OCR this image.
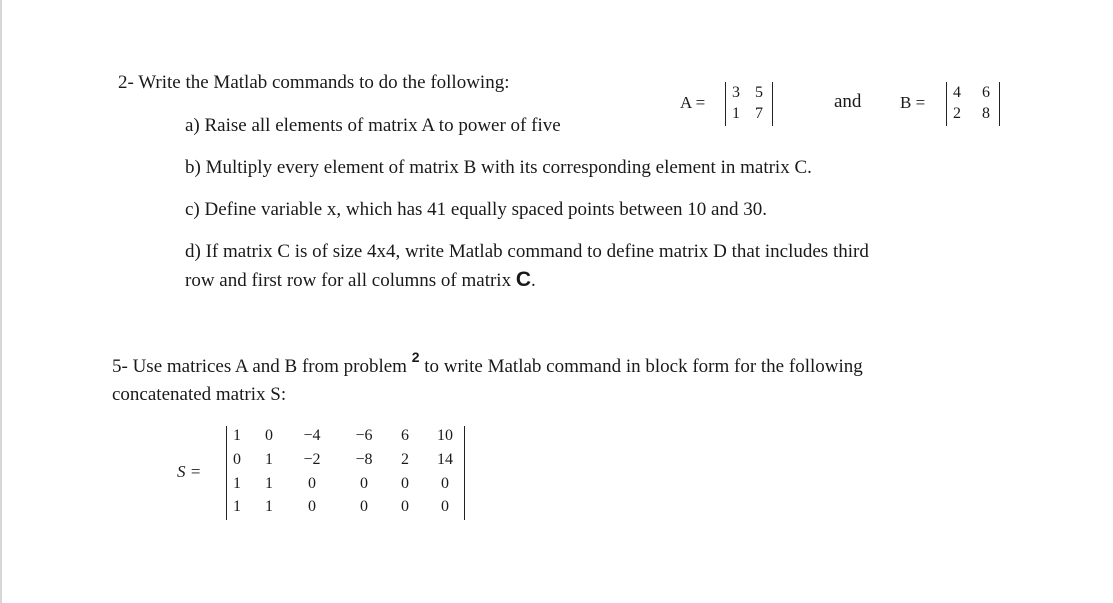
2- Write the Matlab commands to do the following:
A =
3 5
1 7
and B =
4 6
2 8
a) Raise all elements of matrix A to power of five
b) Multiply every element of matrix B with its corresponding element in matrix C.
c) Define variable x, which has 41 equally spaced points between 10 and 30.
d) If matrix C is of size 4x4, write Matlab command to define matrix D that includes third
row and first row for all columns of matrix C.
5- Use matrices A and B from problem $^2$ to write Matlab command in block form for the following
concatenated matrix S:
S =
1 0	−4	−6	6	10
0 1	−2	−8	2	14
1 1	0	0	0	0
1 1	0	0	0	0
